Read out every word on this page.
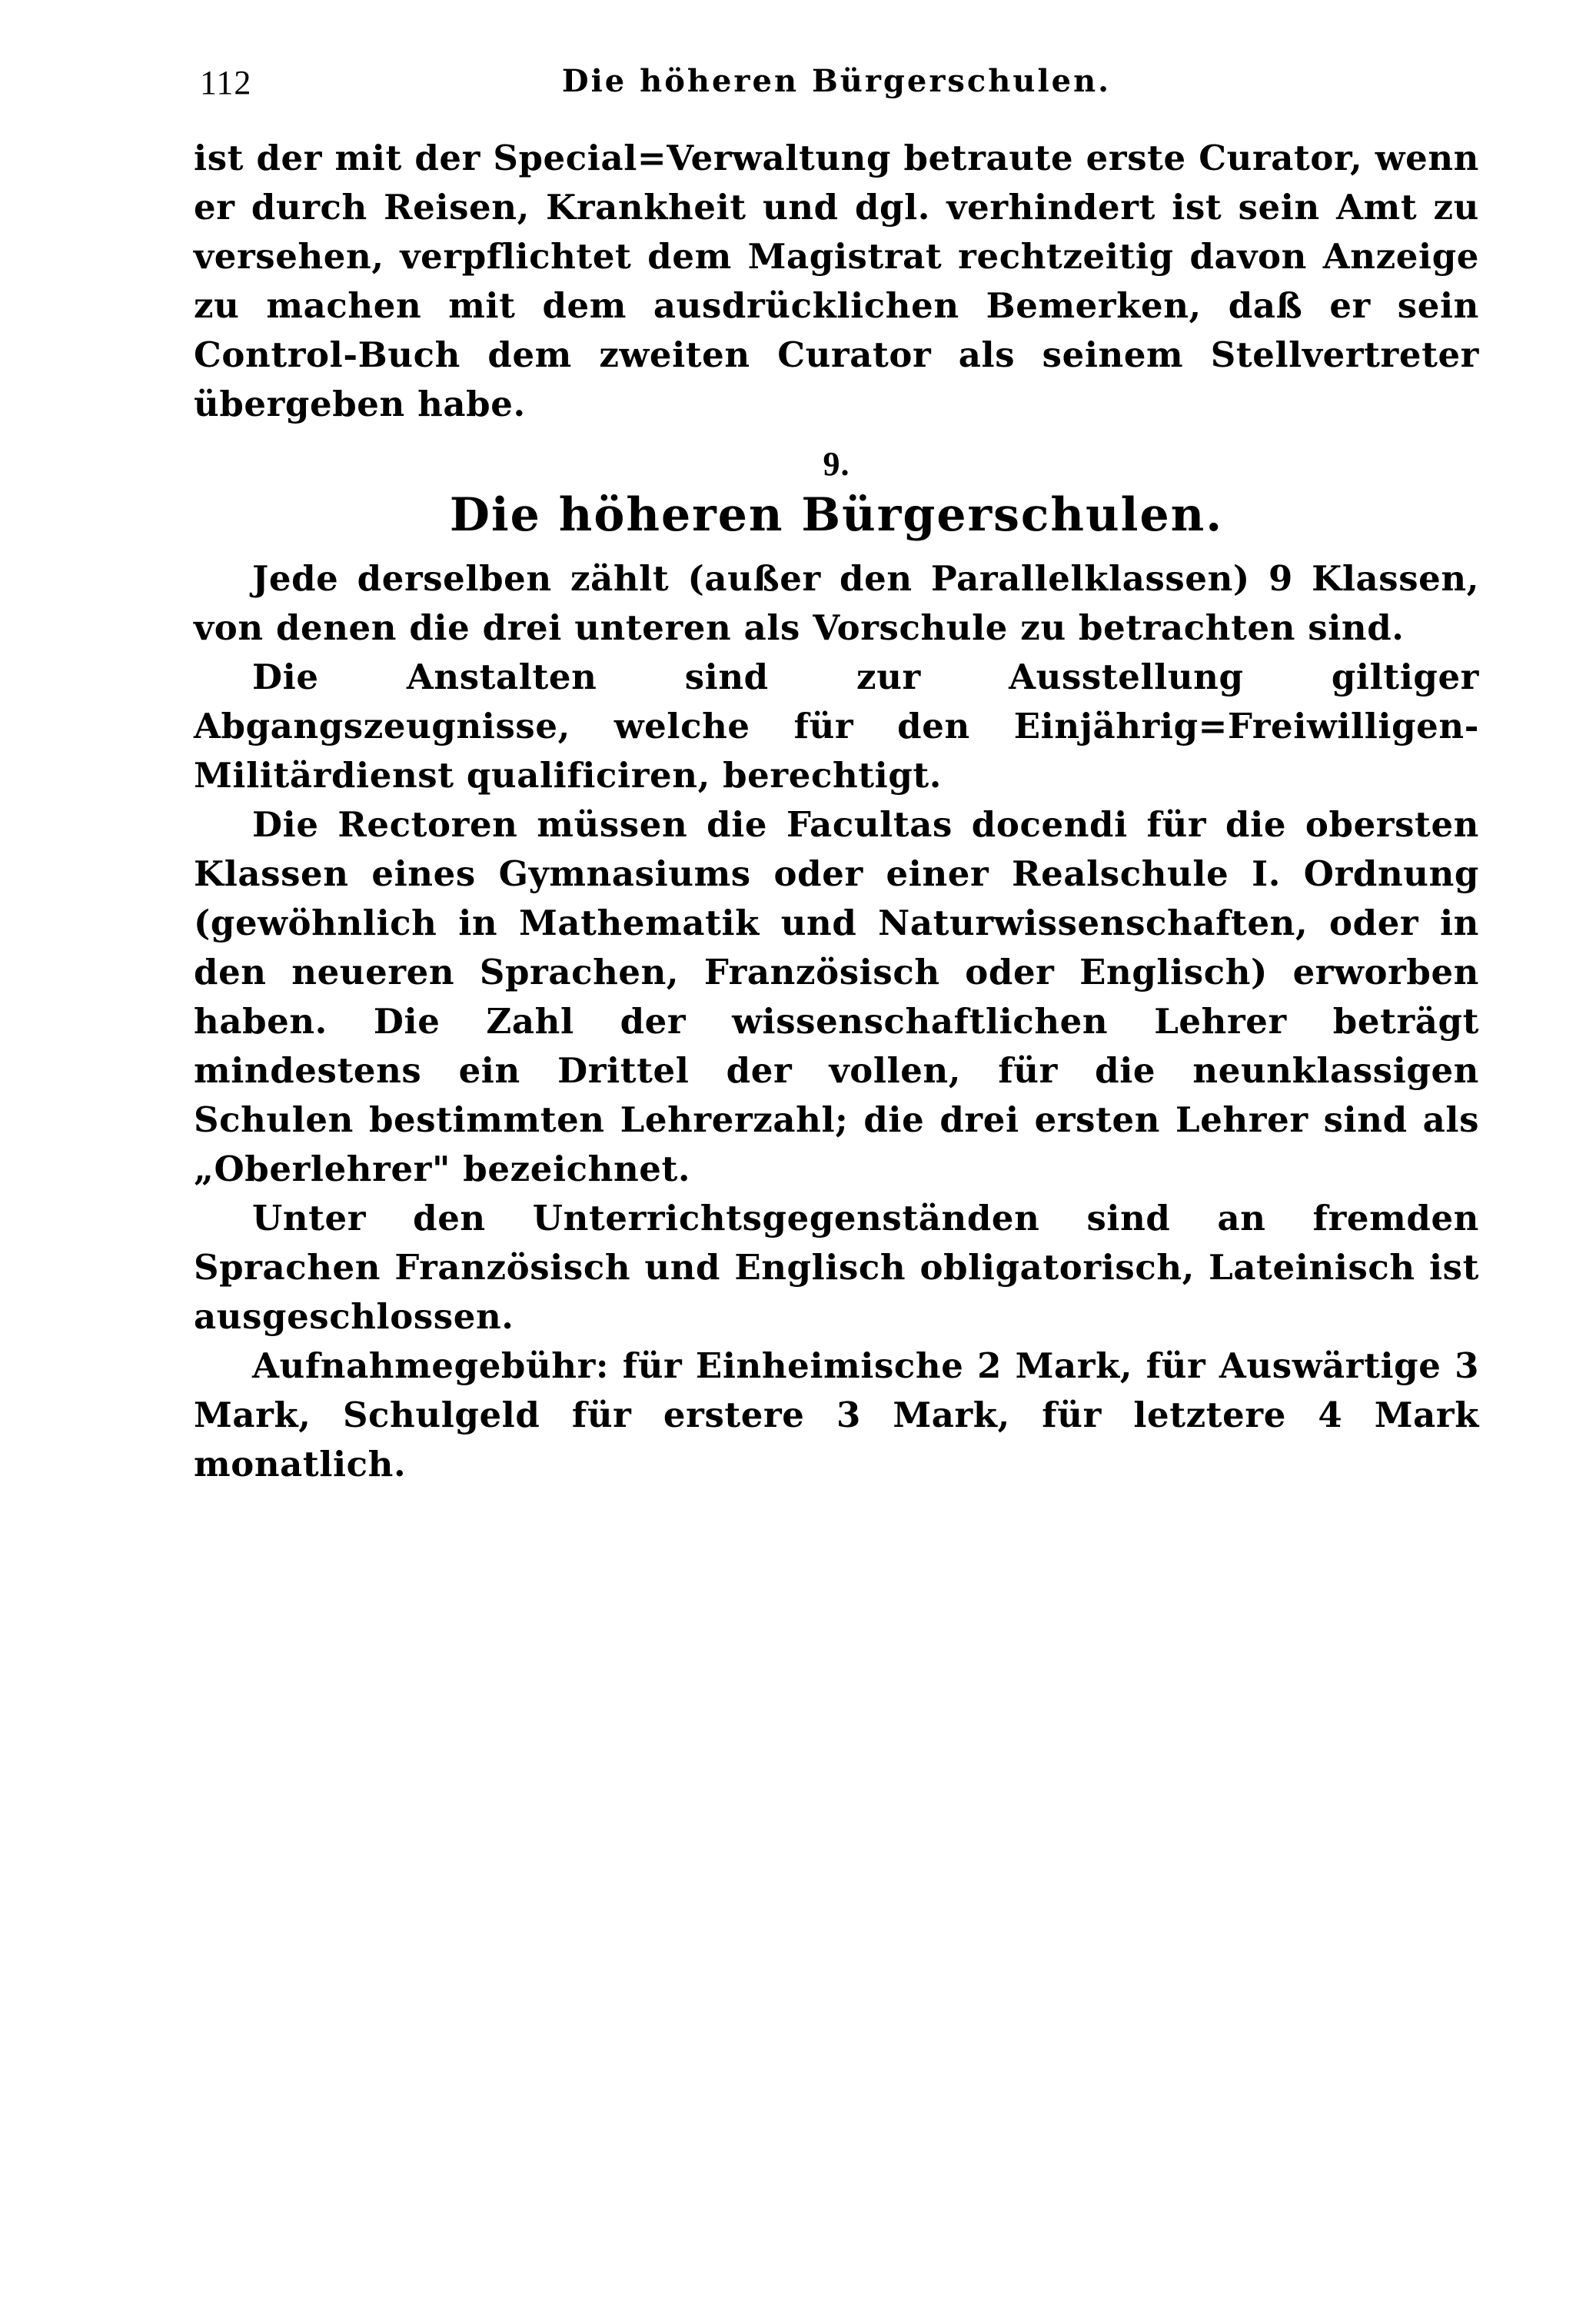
112	Die höheren Bürgerschulen.

ist der mit der Special=Verwaltung betraute erste Curator, wenn er durch Reisen, Krankheit und dgl. verhindert ist sein Amt zu versehen, verpflichtet dem Magistrat rechtzeitig davon Anzeige zu machen mit dem ausdrücklichen Bemerken, daß er sein Control-Buch dem zweiten Curator als seinem Stellvertreter übergeben habe.

9.
Die höheren Bürgerschulen.

Jede derselben zählt (außer den Parallelklassen) 9 Klassen, von denen die drei unteren als Vorschule zu betrachten sind.

Die Anstalten sind zur Ausstellung giltiger Abgangszeugnisse, welche für den Einjährig=Freiwilligen-Militärdienst qualificiren, berechtigt.

Die Rectoren müssen die Facultas docendi für die obersten Klassen eines Gymnasiums oder einer Realschule I. Ordnung (gewöhnlich in Mathematik und Naturwissenschaften, oder in den neueren Sprachen, Französisch oder Englisch) erworben haben. Die Zahl der wissenschaftlichen Lehrer beträgt mindestens ein Drittel der vollen, für die neunklassigen Schulen bestimmten Lehrerzahl; die drei ersten Lehrer sind als „Oberlehrer" bezeichnet.

Unter den Unterrichtsgegenständen sind an fremden Sprachen Französisch und Englisch obligatorisch, Lateinisch ist ausgeschlossen.

Aufnahmegebühr: für Einheimische 2 Mark, für Auswärtige 3 Mark, Schulgeld für erstere 3 Mark, für letztere 4 Mark monatlich.
